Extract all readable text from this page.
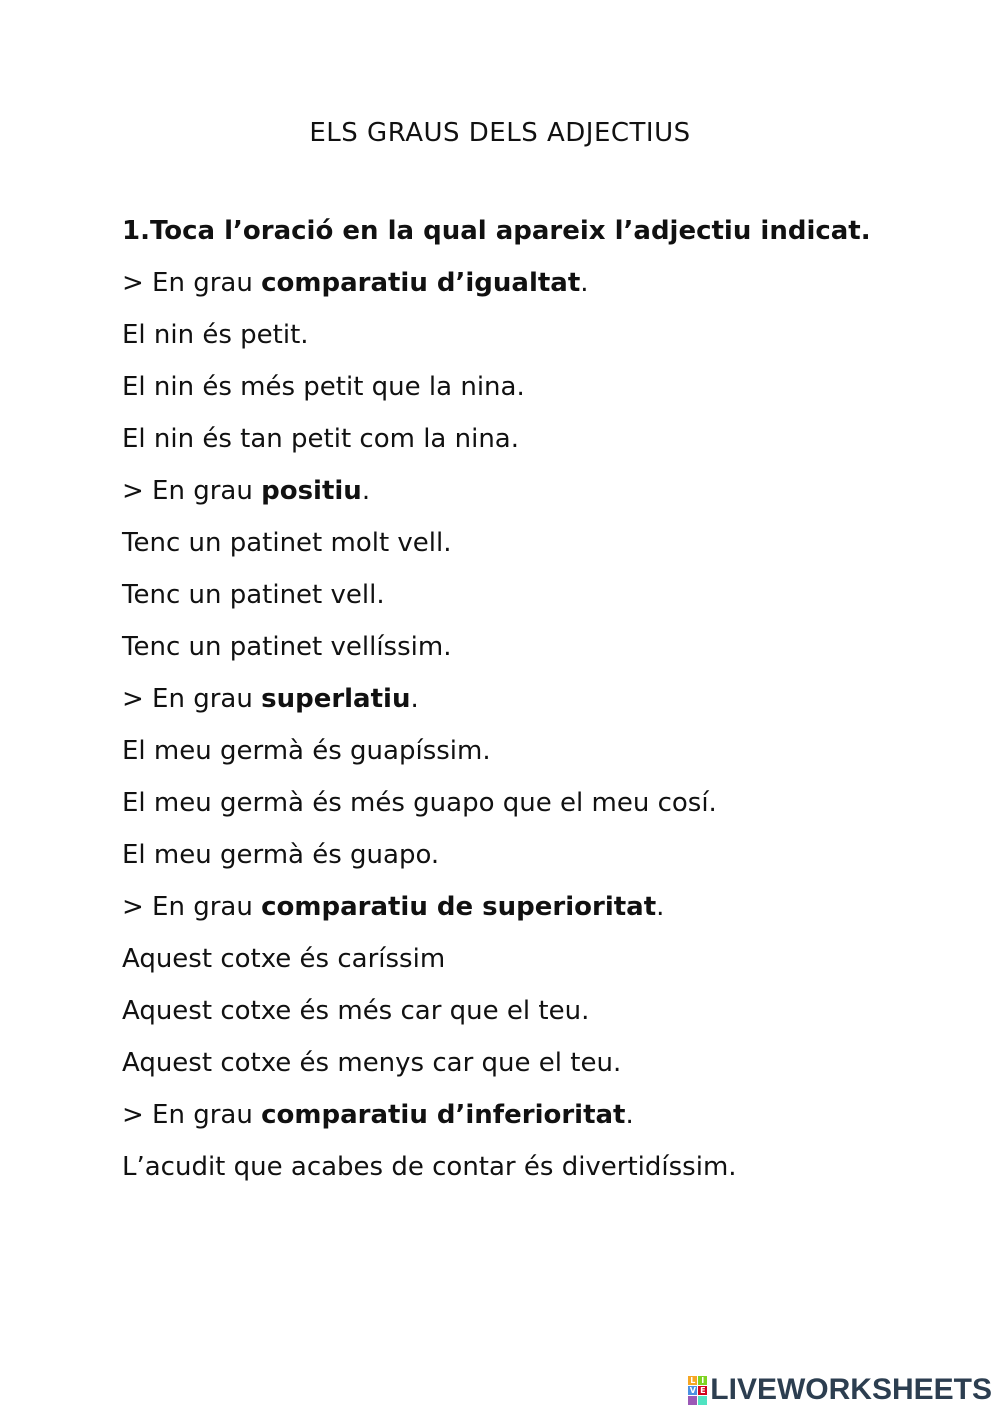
ELS GRAUS DELS ADJECTIUS

1.Toca l’oració en la qual apareix l’adjectiu indicat.

> En grau comparatiu d’igualtat.

El nin és petit.

El nin és més petit que la nina.

El nin és tan petit com la nina.

> En grau positiu.

Tenc un patinet molt vell.

Tenc un patinet vell.

Tenc un patinet vellíssim.

> En grau superlatiu.

El meu germà és guapíssim.

El meu germà és més guapo que el meu cosí.

El meu germà és guapo.

> En grau comparatiu de superioritat.

Aquest cotxe és caríssim

Aquest cotxe és més car que el teu.

Aquest cotxe és menys car que el teu.

> En grau comparatiu d’inferioritat.

L’acudit que acabes de contar és divertidíssim.

L I
V E LIVEWORKSHEETS
